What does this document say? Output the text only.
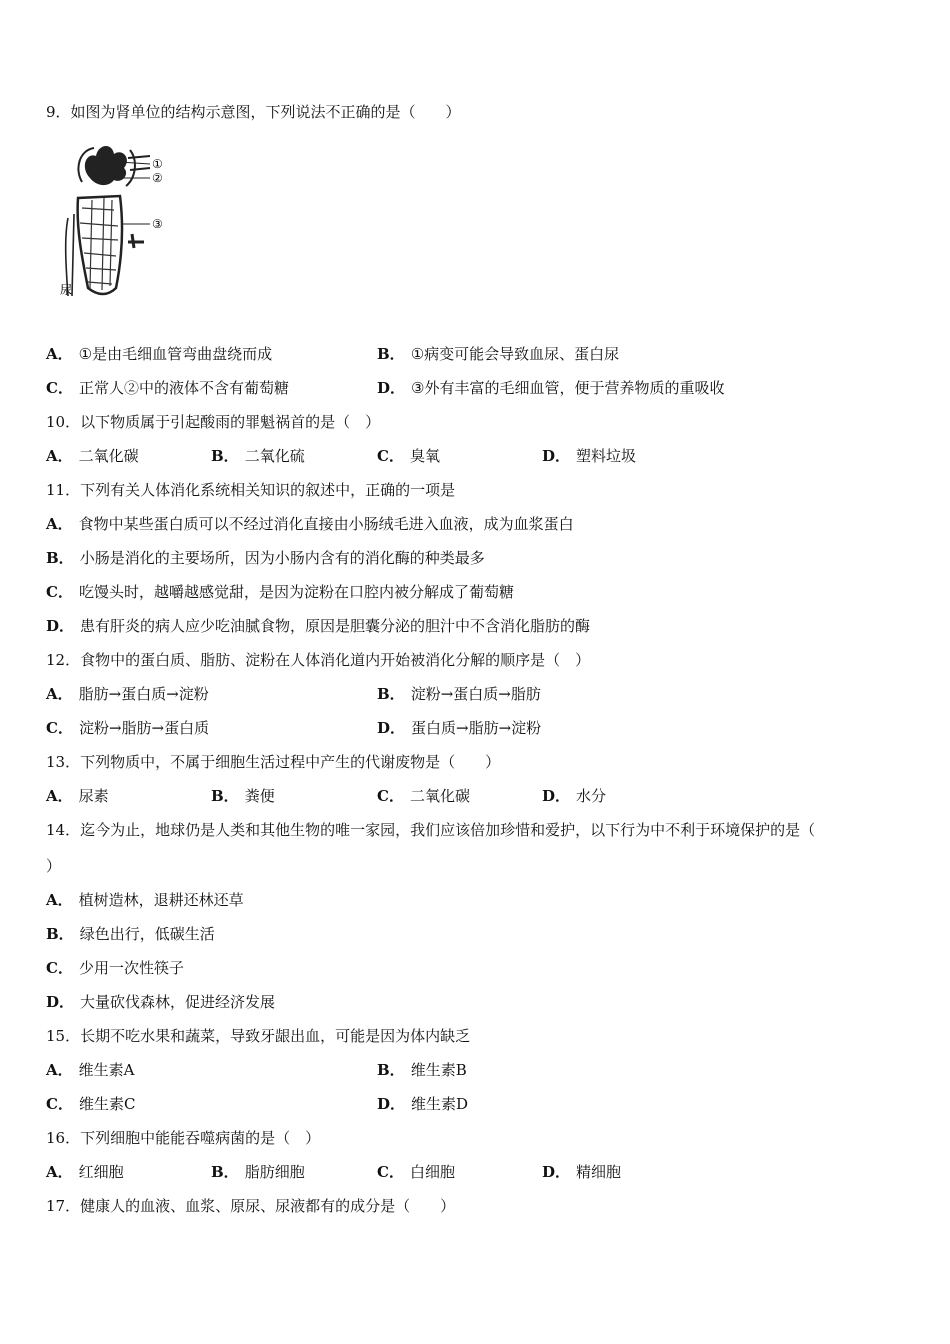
9．如图为肾单位的结构示意图，下列说法不正确的是（　　）
①
②
③
尿
A． ①是由毛细血管弯曲盘绕而成	B． ①病变可能会导致血尿、蛋白尿
C． 正常人②中的液体不含有葡萄糖	D． ③外有丰富的毛细血管，便于营养物质的重吸收
10．以下物质属于引起酸雨的罪魁祸首的是（　）
A． 二氧化碳	B． 二氧化硫	C． 臭氧	D． 塑料垃圾
11．下列有关人体消化系统相关知识的叙述中，正确的一项是
A． 食物中某些蛋白质可以不经过消化直接由小肠绒毛进入血液，成为血浆蛋白
B． 小肠是消化的主要场所，因为小肠内含有的消化酶的种类最多
C． 吃馒头时，越嚼越感觉甜，是因为淀粉在口腔内被分解成了葡萄糖
D． 患有肝炎的病人应少吃油腻食物，原因是胆囊分泌的胆汁中不含消化脂肪的酶
12．食物中的蛋白质、脂肪、淀粉在人体消化道内开始被消化分解的顺序是（　）
A． 脂肪→蛋白质→淀粉	B． 淀粉→蛋白质→脂肪
C． 淀粉→脂肪→蛋白质	D． 蛋白质→脂肪→淀粉
13．下列物质中，不属于细胞生活过程中产生的代谢废物是（　　）
A． 尿素	B． 粪便	C． 二氧化碳	D． 水分
14．迄今为止，地球仍是人类和其他生物的唯一家园，我们应该倍加珍惜和爱护，以下行为中不利于环境保护的是（
）
A． 植树造林，退耕还林还草
B． 绿色出行，低碳生活
C． 少用一次性筷子
D． 大量砍伐森林，促进经济发展
15．长期不吃水果和蔬菜，导致牙龈出血，可能是因为体内缺乏
A． 维生素A	B． 维生素B
C． 维生素C	D． 维生素D
16．下列细胞中能能吞噬病菌的是（　）
A． 红细胞	B． 脂肪细胞	C． 白细胞	D． 精细胞
17．健康人的血液、血浆、原尿、尿液都有的成分是（　　）
